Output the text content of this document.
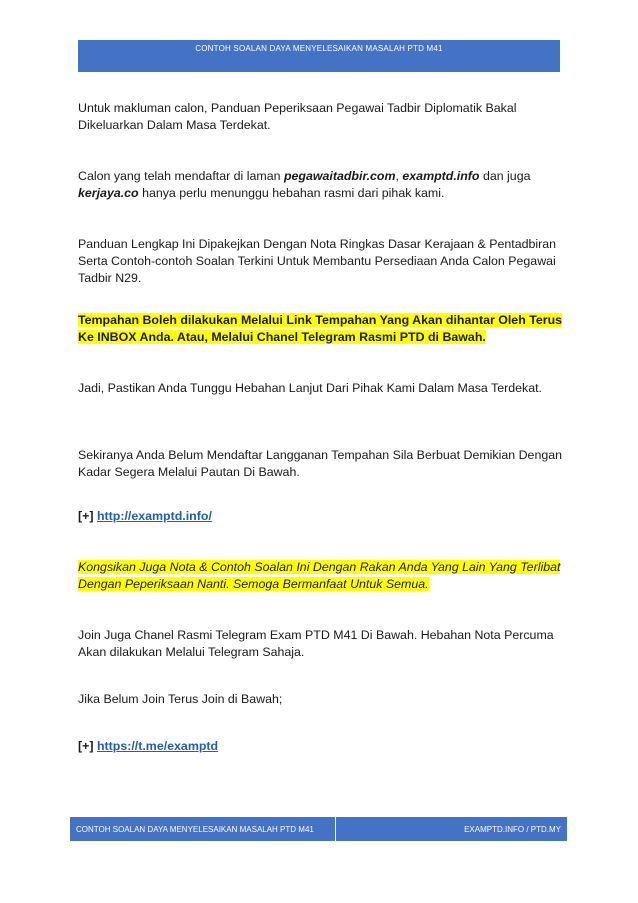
CONTOH SOALAN DAYA MENYELESAIKAN MASALAH PTD M41

Untuk makluman calon, Panduan Peperiksaan Pegawai Tadbir Diplomatik Bakal Dikeluarkan Dalam Masa Terdekat.

Calon yang telah mendaftar di laman pegawaitadbir.com, examptd.info dan juga kerjaya.co hanya perlu menunggu hebahan rasmi dari pihak kami.

Panduan Lengkap Ini Dipakejkan Dengan Nota Ringkas Dasar Kerajaan & Pentadbiran Serta Contoh-contoh Soalan Terkini Untuk Membantu Persediaan Anda Calon Pegawai Tadbir N29.

Tempahan Boleh dilakukan Melalui Link Tempahan Yang Akan dihantar Oleh Terus Ke INBOX Anda. Atau, Melalui Chanel Telegram Rasmi PTD di Bawah.

Jadi, Pastikan Anda Tunggu Hebahan Lanjut Dari Pihak Kami Dalam Masa Terdekat.

Sekiranya Anda Belum Mendaftar Langganan Tempahan Sila Berbuat Demikian Dengan Kadar Segera Melalui Pautan Di Bawah.

[+] http://examptd.info/

Kongsikan Juga Nota & Contoh Soalan Ini Dengan Rakan Anda Yang Lain Yang Terlibat Dengan Peperiksaan Nanti. Semoga Bermanfaat Untuk Semua.

Join Juga Chanel Rasmi Telegram Exam PTD M41 Di Bawah. Hebahan Nota Percuma Akan dilakukan Melalui Telegram Sahaja.

Jika Belum Join Terus Join di Bawah;

[+] https://t.me/examptd

CONTOH SOALAN DAYA MENYELESAIKAN MASALAH PTD M41	EXAMPTD.INFO / PTD.MY
